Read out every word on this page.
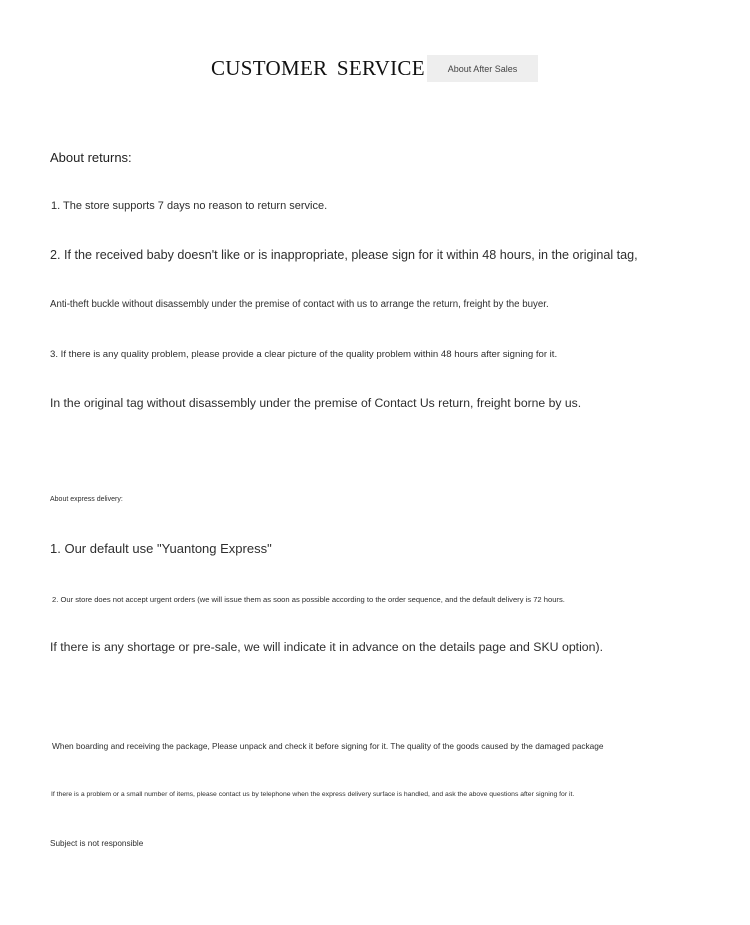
CUSTOMER SERVICE	About After Sales
About returns:
1. The store supports 7 days no reason to return service.
2. If the received baby doesn't like or is inappropriate, please sign for it within 48 hours, in the original tag,
Anti-theft buckle without disassembly under the premise of contact with us to arrange the return, freight by the buyer.
3. If there is any quality problem, please provide a clear picture of the quality problem within 48 hours after signing for it.
In the original tag without disassembly under the premise of Contact Us return, freight borne by us.
About express delivery:
1. Our default use "Yuantong Express"
2. Our store does not accept urgent orders (we will issue them as soon as possible according to the order sequence, and the default delivery is 72 hours.
If there is any shortage or pre-sale, we will indicate it in advance on the details page and SKU option).
When boarding and receiving the package, Please unpack and check it before signing for it. The quality of the goods caused by the damaged package
If there is a problem or a small number of items, please contact us by telephone when the express delivery surface is handled, and ask the above questions after signing for it.
Subject is not responsible
